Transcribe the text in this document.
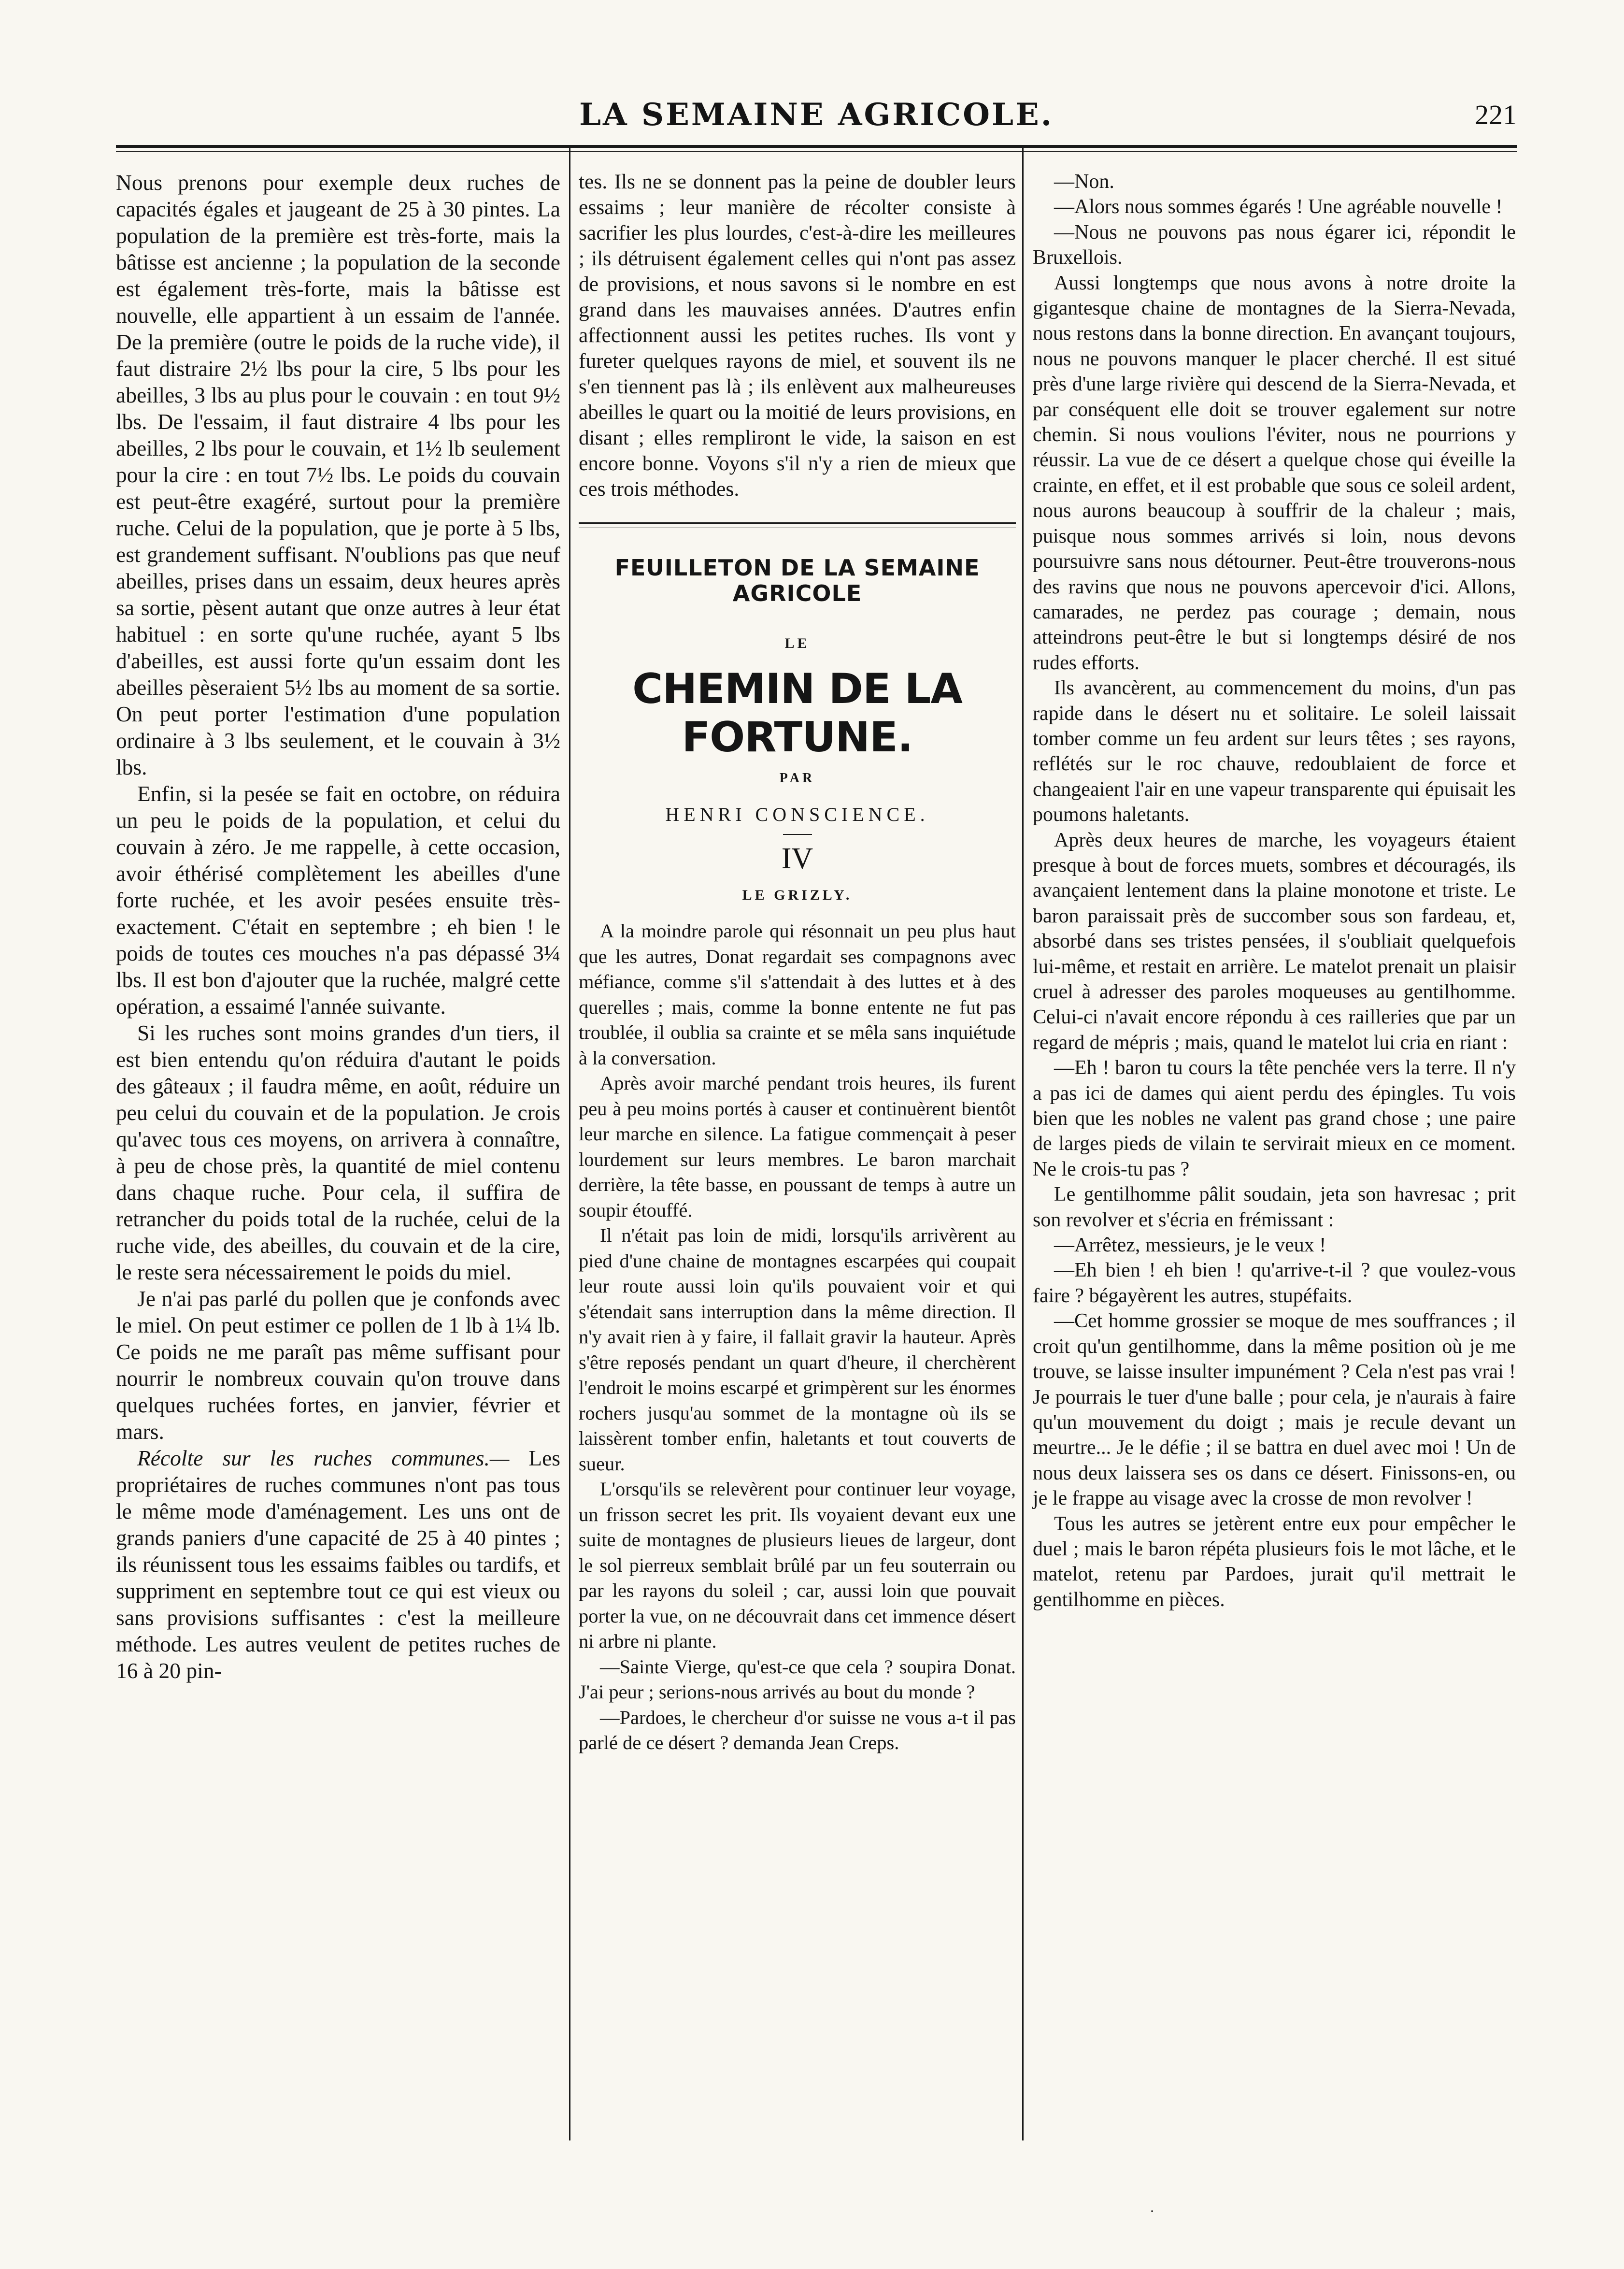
LA SEMAINE AGRICOLE.	221

Nous prenons pour exemple deux ruches de capacités égales et jaugeant de 25 à 30 pintes. La population de la première est très-forte, mais la bâtisse est ancienne ; la population de la seconde est également très-forte, mais la bâtisse est nouvelle, elle appartient à un essaim de l'année. De la première (outre le poids de la ruche vide), il faut distraire 2½ lbs pour la cire, 5 lbs pour les abeilles, 3 lbs au plus pour le couvain : en tout 9½ lbs. De l'essaim, il faut distraire 4 lbs pour les abeilles, 2 lbs pour le couvain, et 1½ lb seulement pour la cire : en tout 7½ lbs. Le poids du couvain est peut-être exagéré, surtout pour la première ruche. Celui de la population, que je porte à 5 lbs, est grandement suffisant. N'oublions pas que neuf abeilles, prises dans un essaim, deux heures après sa sortie, pèsent autant que onze autres à leur état habituel : en sorte qu'une ruchée, ayant 5 lbs d'abeilles, est aussi forte qu'un essaim dont les abeilles pèseraient 5½ lbs au moment de sa sortie. On peut porter l'estimation d'une population ordinaire à 3 lbs seulement, et le couvain à 3½ lbs.

Enfin, si la pesée se fait en octobre, on réduira un peu le poids de la population, et celui du couvain à zéro. Je me rappelle, à cette occasion, avoir éthérisé complètement les abeilles d'une forte ruchée, et les avoir pesées ensuite très-exactement. C'était en septembre ; eh bien ! le poids de toutes ces mouches n'a pas dépassé 3¼ lbs. Il est bon d'ajouter que la ruchée, malgré cette opération, a essaimé l'année suivante.

Si les ruches sont moins grandes d'un tiers, il est bien entendu qu'on réduira d'autant le poids des gâteaux ; il faudra même, en août, réduire un peu celui du couvain et de la population. Je crois qu'avec tous ces moyens, on arrivera à connaître, à peu de chose près, la quantité de miel contenu dans chaque ruche. Pour cela, il suffira de retrancher du poids total de la ruchée, celui de la ruche vide, des abeilles, du couvain et de la cire, le reste sera nécessairement le poids du miel.

Je n'ai pas parlé du pollen que je confonds avec le miel. On peut estimer ce pollen de 1 lb à 1¼ lb. Ce poids ne me paraît pas même suffisant pour nourrir le nombreux couvain qu'on trouve dans quelques ruchées fortes, en janvier, février et mars.

Récolte sur les ruches communes.— Les propriétaires de ruches communes n'ont pas tous le même mode d'aménagement. Les uns ont de grands paniers d'une capacité de 25 à 40 pintes ; ils réunissent tous les essaims faibles ou tardifs, et suppriment en septembre tout ce qui est vieux ou sans provisions suffisantes : c'est la meilleure méthode. Les autres veulent de petites ruches de 16 à 20 pin-

tes. Ils ne se donnent pas la peine de doubler leurs essaims ; leur manière de récolter consiste à sacrifier les plus lourdes, c'est-à-dire les meilleures ; ils détruisent également celles qui n'ont pas assez de provisions, et nous savons si le nombre en est grand dans les mauvaises années. D'autres enfin affectionnent aussi les petites ruches. Ils vont y fureter quelques rayons de miel, et souvent ils ne s'en tiennent pas là ; ils enlèvent aux malheureuses abeilles le quart ou la moitié de leurs provisions, en disant ; elles rempliront le vide, la saison en est encore bonne. Voyons s'il n'y a rien de mieux que ces trois méthodes.

FEUILLETON DE LA SEMAINE AGRICOLE
LE
CHEMIN DE LA FORTUNE.
PAR
HENRI CONSCIENCE.
IV
LE GRIZLY.

A la moindre parole qui résonnait un peu plus haut que les autres, Donat regardait ses compagnons avec méfiance, comme s'il s'attendait à des luttes et à des querelles ; mais, comme la bonne entente ne fut pas troublée, il oublia sa crainte et se mêla sans inquiétude à la conversation.

Après avoir marché pendant trois heures, ils furent peu à peu moins portés à causer et continuèrent bientôt leur marche en silence. La fatigue commençait à peser lourdement sur leurs membres. Le baron marchait derrière, la tête basse, en poussant de temps à autre un soupir étouffé.

Il n'était pas loin de midi, lorsqu'ils arrivèrent au pied d'une chaine de montagnes escarpées qui coupait leur route aussi loin qu'ils pouvaient voir et qui s'étendait sans interruption dans la même direction. Il n'y avait rien à y faire, il fallait gravir la hauteur. Après s'être reposés pendant un quart d'heure, il cherchèrent l'endroit le moins escarpé et grimpèrent sur les énormes rochers jusqu'au sommet de la montagne où ils se laissèrent tomber enfin, haletants et tout couverts de sueur.

L'orsqu'ils se relevèrent pour continuer leur voyage, un frisson secret les prit. Ils voyaient devant eux une suite de montagnes de plusieurs lieues de largeur, dont le sol pierreux semblait brûlé par un feu souterrain ou par les rayons du soleil ; car, aussi loin que pouvait porter la vue, on ne découvrait dans cet immence désert ni arbre ni plante.

—Sainte Vierge, qu'est-ce que cela ? soupira Donat. J'ai peur ; serions-nous arrivés au bout du monde ?

—Pardoes, le chercheur d'or suisse ne vous a-t il pas parlé de ce désert ? demanda Jean Creps.

—Non.

—Alors nous sommes égarés ! Une agréable nouvelle !

—Nous ne pouvons pas nous égarer ici, répondit le Bruxellois.

Aussi longtemps que nous avons à notre droite la gigantesque chaine de montagnes de la Sierra-Nevada, nous restons dans la bonne direction. En avançant toujours, nous ne pouvons manquer le placer cherché. Il est situé près d'une large rivière qui descend de la Sierra-Nevada, et par conséquent elle doit se trouver egalement sur notre chemin. Si nous voulions l'éviter, nous ne pourrions y réussir. La vue de ce désert a quelque chose qui éveille la crainte, en effet, et il est probable que sous ce soleil ardent, nous aurons beaucoup à souffrir de la chaleur ; mais, puisque nous sommes arrivés si loin, nous devons poursuivre sans nous détourner. Peut-être trouverons-nous des ravins que nous ne pouvons apercevoir d'ici. Allons, camarades, ne perdez pas courage ; demain, nous atteindrons peut-être le but si longtemps désiré de nos rudes efforts.

Ils avancèrent, au commencement du moins, d'un pas rapide dans le désert nu et solitaire. Le soleil laissait tomber comme un feu ardent sur leurs têtes ; ses rayons, reflétés sur le roc chauve, redoublaient de force et changeaient l'air en une vapeur transparente qui épuisait les poumons haletants.

Après deux heures de marche, les voyageurs étaient presque à bout de forces muets, sombres et découragés, ils avançaient lentement dans la plaine monotone et triste. Le baron paraissait près de succomber sous son fardeau, et, absorbé dans ses tristes pensées, il s'oubliait quelquefois lui-même, et restait en arrière. Le matelot prenait un plaisir cruel à adresser des paroles moqueuses au gentilhomme. Celui-ci n'avait encore répondu à ces railleries que par un regard de mépris ; mais, quand le matelot lui cria en riant :

—Eh ! baron tu cours la tête penchée vers la terre. Il n'y a pas ici de dames qui aient perdu des épingles. Tu vois bien que les nobles ne valent pas grand chose ; une paire de larges pieds de vilain te servirait mieux en ce moment. Ne le crois-tu pas ?

Le gentilhomme pâlit soudain, jeta son havresac ; prit son revolver et s'écria en frémissant :

—Arrêtez, messieurs, je le veux !

—Eh bien ! eh bien ! qu'arrive-t-il ? que voulez-vous faire ? bégayèrent les autres, stupéfaits.

—Cet homme grossier se moque de mes souffrances ; il croit qu'un gentilhomme, dans la même position où je me trouve, se laisse insulter impunément ? Cela n'est pas vrai ! Je pourrais le tuer d'une balle ; pour cela, je n'aurais à faire qu'un mouvement du doigt ; mais je recule devant un meurtre... Je le défie ; il se battra en duel avec moi ! Un de nous deux laissera ses os dans ce désert. Finissons-en, ou je le frappe au visage avec la crosse de mon revolver !

Tous les autres se jetèrent entre eux pour empêcher le duel ; mais le baron répéta plusieurs fois le mot lâche, et le matelot, retenu par Pardoes, jurait qu'il mettrait le gentilhomme en pièces.

·
